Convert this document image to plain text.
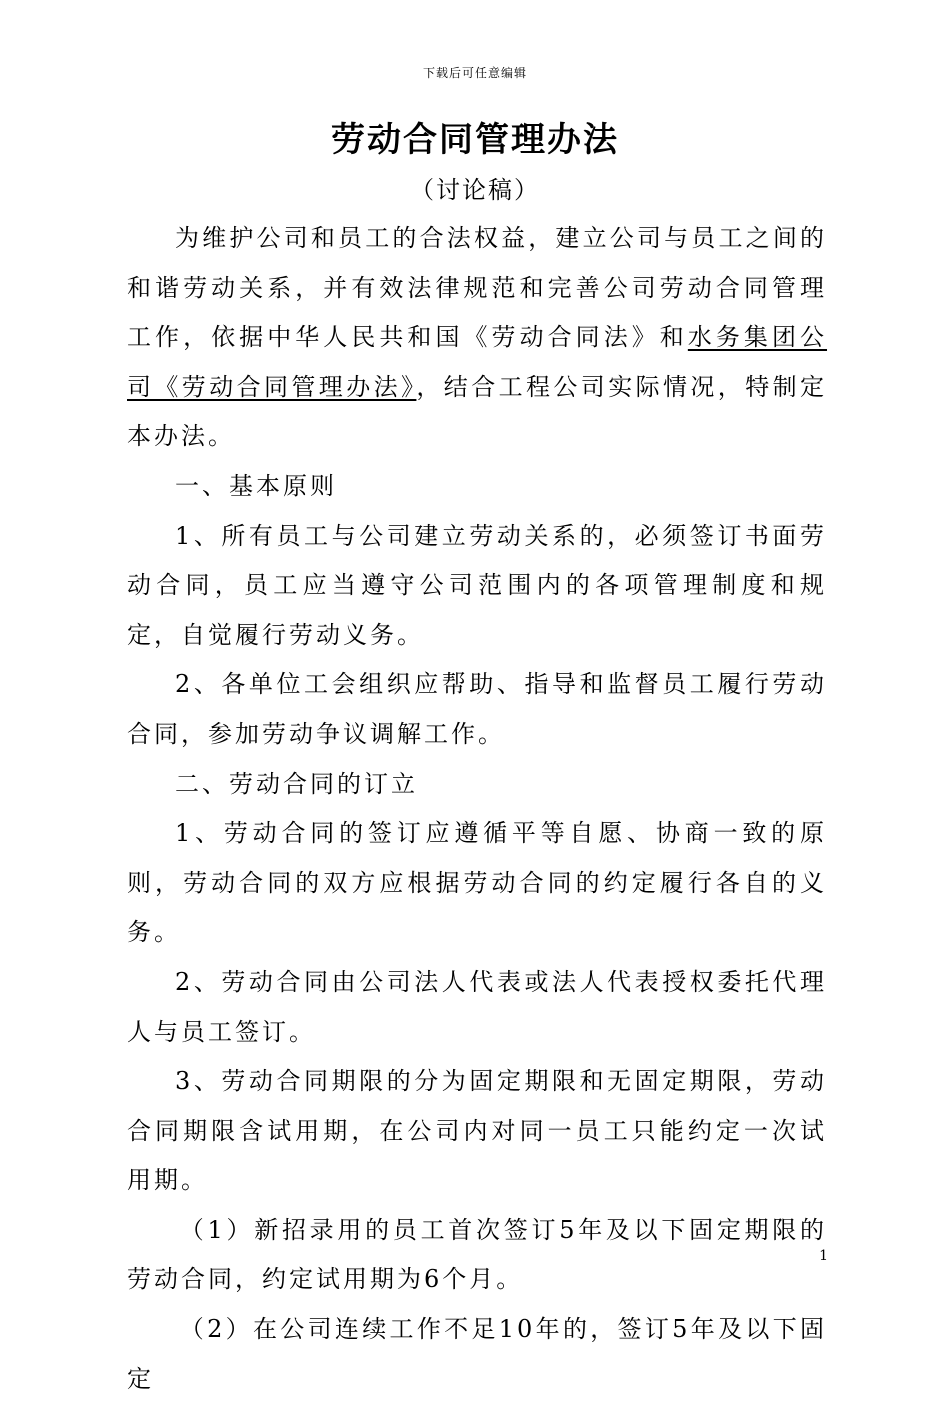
下载后可任意编辑
劳动合同管理办法
（讨论稿）

为维护公司和员工的合法权益，建立公司与员工之间的和谐劳动关系，并有效法律规范和完善公司劳动合同管理工作，依据中华人民共和国《劳动合同法》和水务集团公司《劳动合同管理办法》，结合工程公司实际情况，特制定本办法。

一、基本原则

1、所有员工与公司建立劳动关系的，必须签订书面劳动合同，员工应当遵守公司范围内的各项管理制度和规定，自觉履行劳动义务。

2、各单位工会组织应帮助、指导和监督员工履行劳动合同，参加劳动争议调解工作。

二、劳动合同的订立

1、劳动合同的签订应遵循平等自愿、协商一致的原则，劳动合同的双方应根据劳动合同的约定履行各自的义务。

2、劳动合同由公司法人代表或法人代表授权委托代理人与员工签订。

3、劳动合同期限的分为固定期限和无固定期限，劳动合同期限含试用期，在公司内对同一员工只能约定一次试用期。

（1）新招录用的员工首次签订5年及以下固定期限的劳动合同，约定试用期为6个月。

（2）在公司连续工作不足10年的，签订5年及以下固定

1
